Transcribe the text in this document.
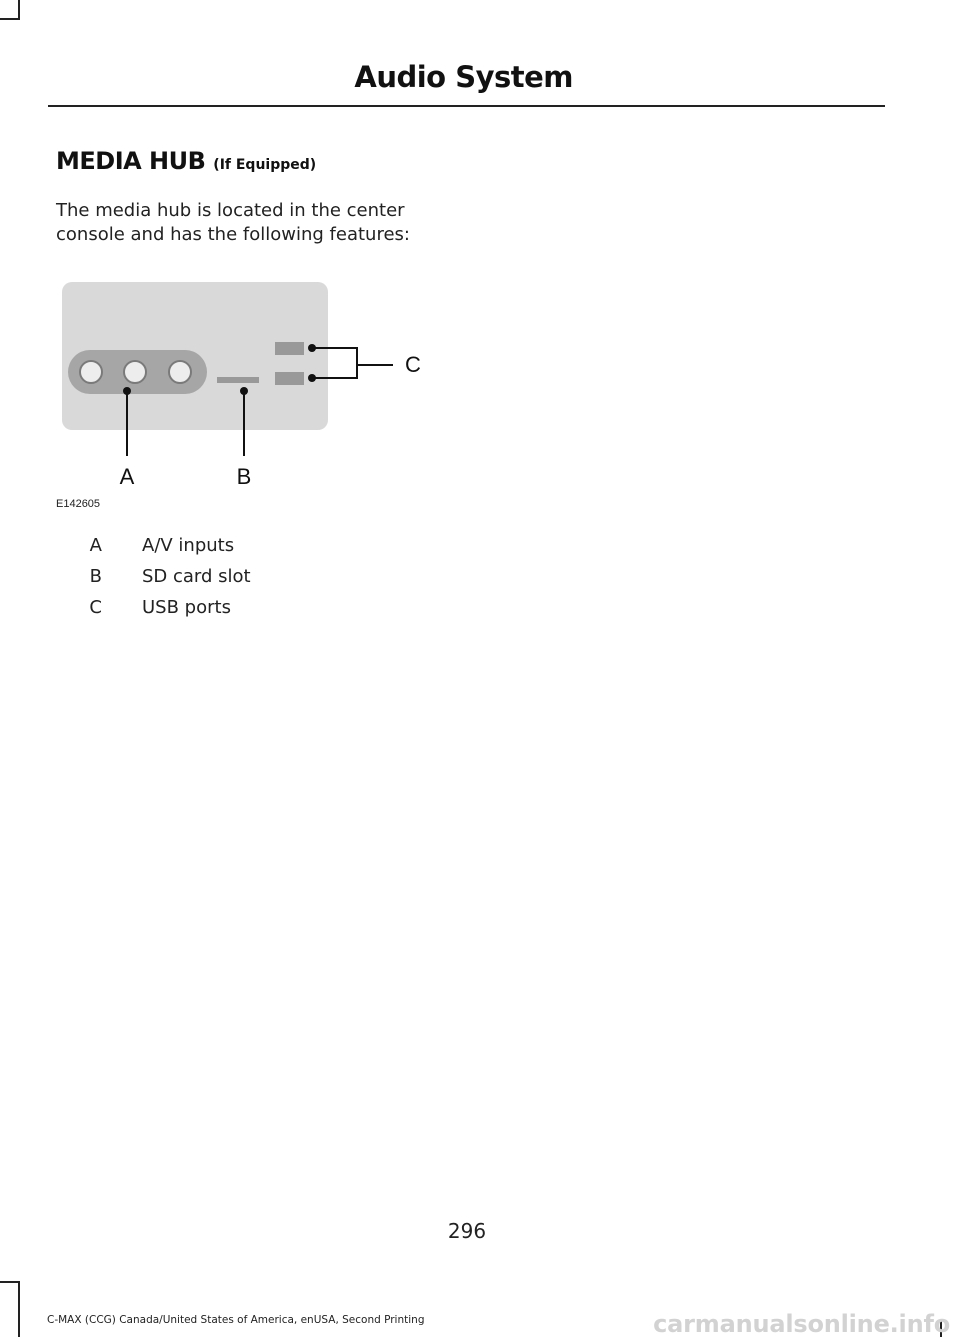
Audio System
MEDIA HUB (If Equipped)
The media hub is located in the center console and has the following features:
A	B
C
E142605
A	A/V inputs
B	SD card slot
C	USB ports
296
C-MAX (CCG) Canada/United States of America, enUSA, Second Printing	carmanualsonline.info
